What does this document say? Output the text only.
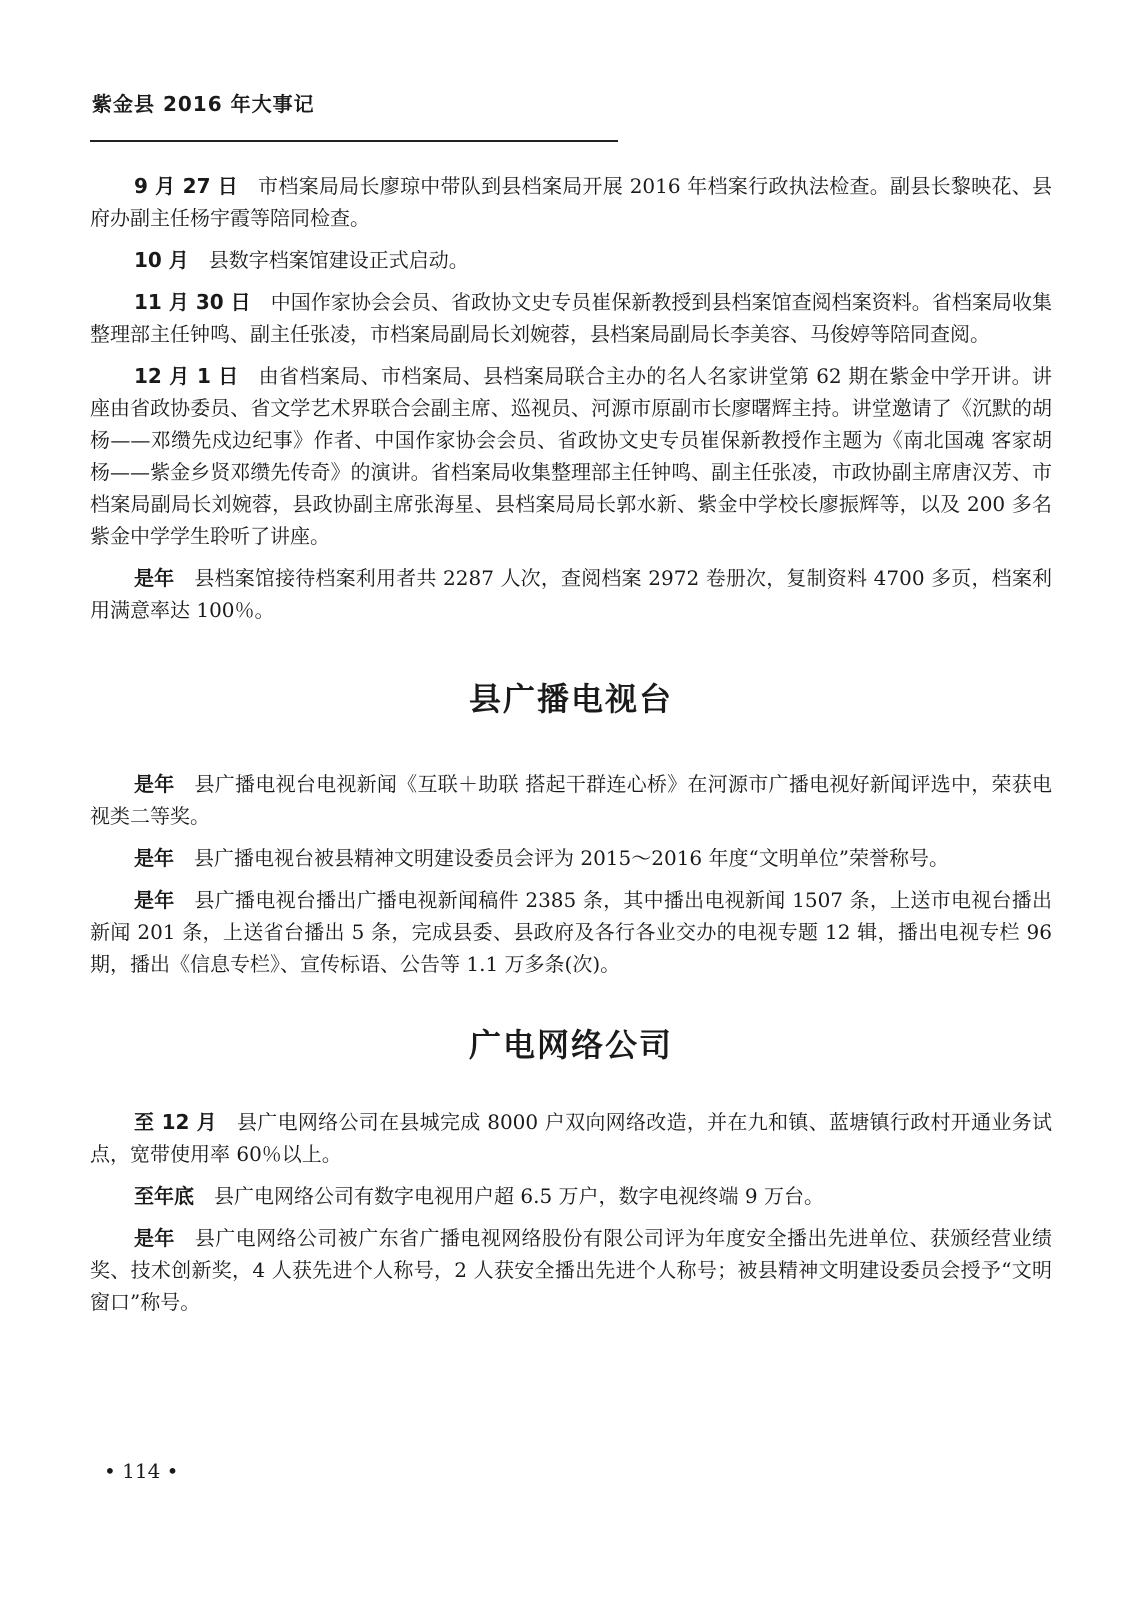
紫金县 2016 年大事记

9 月 27 日 市档案局局长廖琼中带队到县档案局开展 2016 年档案行政执法检查。副县长黎映花、县府办副主任杨宇霞等陪同检查。

10 月 县数字档案馆建设正式启动。

11 月 30 日 中国作家协会会员、省政协文史专员崔保新教授到县档案馆查阅档案资料。省档案局收集整理部主任钟鸣、副主任张凌，市档案局副局长刘婉蓉，县档案局副局长李美容、马俊婷等陪同查阅。

12 月 1 日 由省档案局、市档案局、县档案局联合主办的名人名家讲堂第 62 期在紫金中学开讲。讲座由省政协委员、省文学艺术界联合会副主席、巡视员、河源市原副市长廖曙辉主持。讲堂邀请了《沉默的胡杨——邓缵先戍边纪事》作者、中国作家协会会员、省政协文史专员崔保新教授作主题为《南北国魂 客家胡杨——紫金乡贤邓缵先传奇》的演讲。省档案局收集整理部主任钟鸣、副主任张凌，市政协副主席唐汉芳、市档案局副局长刘婉蓉，县政协副主席张海星、县档案局局长郭水新、紫金中学校长廖振辉等，以及 200 多名紫金中学学生聆听了讲座。

是年 县档案馆接待档案利用者共 2287 人次，查阅档案 2972 卷册次，复制资料 4700 多页，档案利用满意率达 100％。

县广播电视台

是年 县广播电视台电视新闻《互联＋助联 搭起干群连心桥》在河源市广播电视好新闻评选中，荣获电视类二等奖。

是年 县广播电视台被县精神文明建设委员会评为 2015～2016 年度“文明单位”荣誉称号。

是年 县广播电视台播出广播电视新闻稿件 2385 条，其中播出电视新闻 1507 条，上送市电视台播出新闻 201 条，上送省台播出 5 条，完成县委、县政府及各行各业交办的电视专题 12 辑，播出电视专栏 96 期，播出《信息专栏》、宣传标语、公告等 1.1 万多条(次)。

广电网络公司

至 12 月 县广电网络公司在县城完成 8000 户双向网络改造，并在九和镇、蓝塘镇行政村开通业务试点，宽带使用率 60％以上。

至年底 县广电网络公司有数字电视用户超 6.5 万户，数字电视终端 9 万台。

是年 县广电网络公司被广东省广播电视网络股份有限公司评为年度安全播出先进单位、获颁经营业绩奖、技术创新奖，4 人获先进个人称号，2 人获安全播出先进个人称号；被县精神文明建设委员会授予“文明窗口”称号。

• 114 •
